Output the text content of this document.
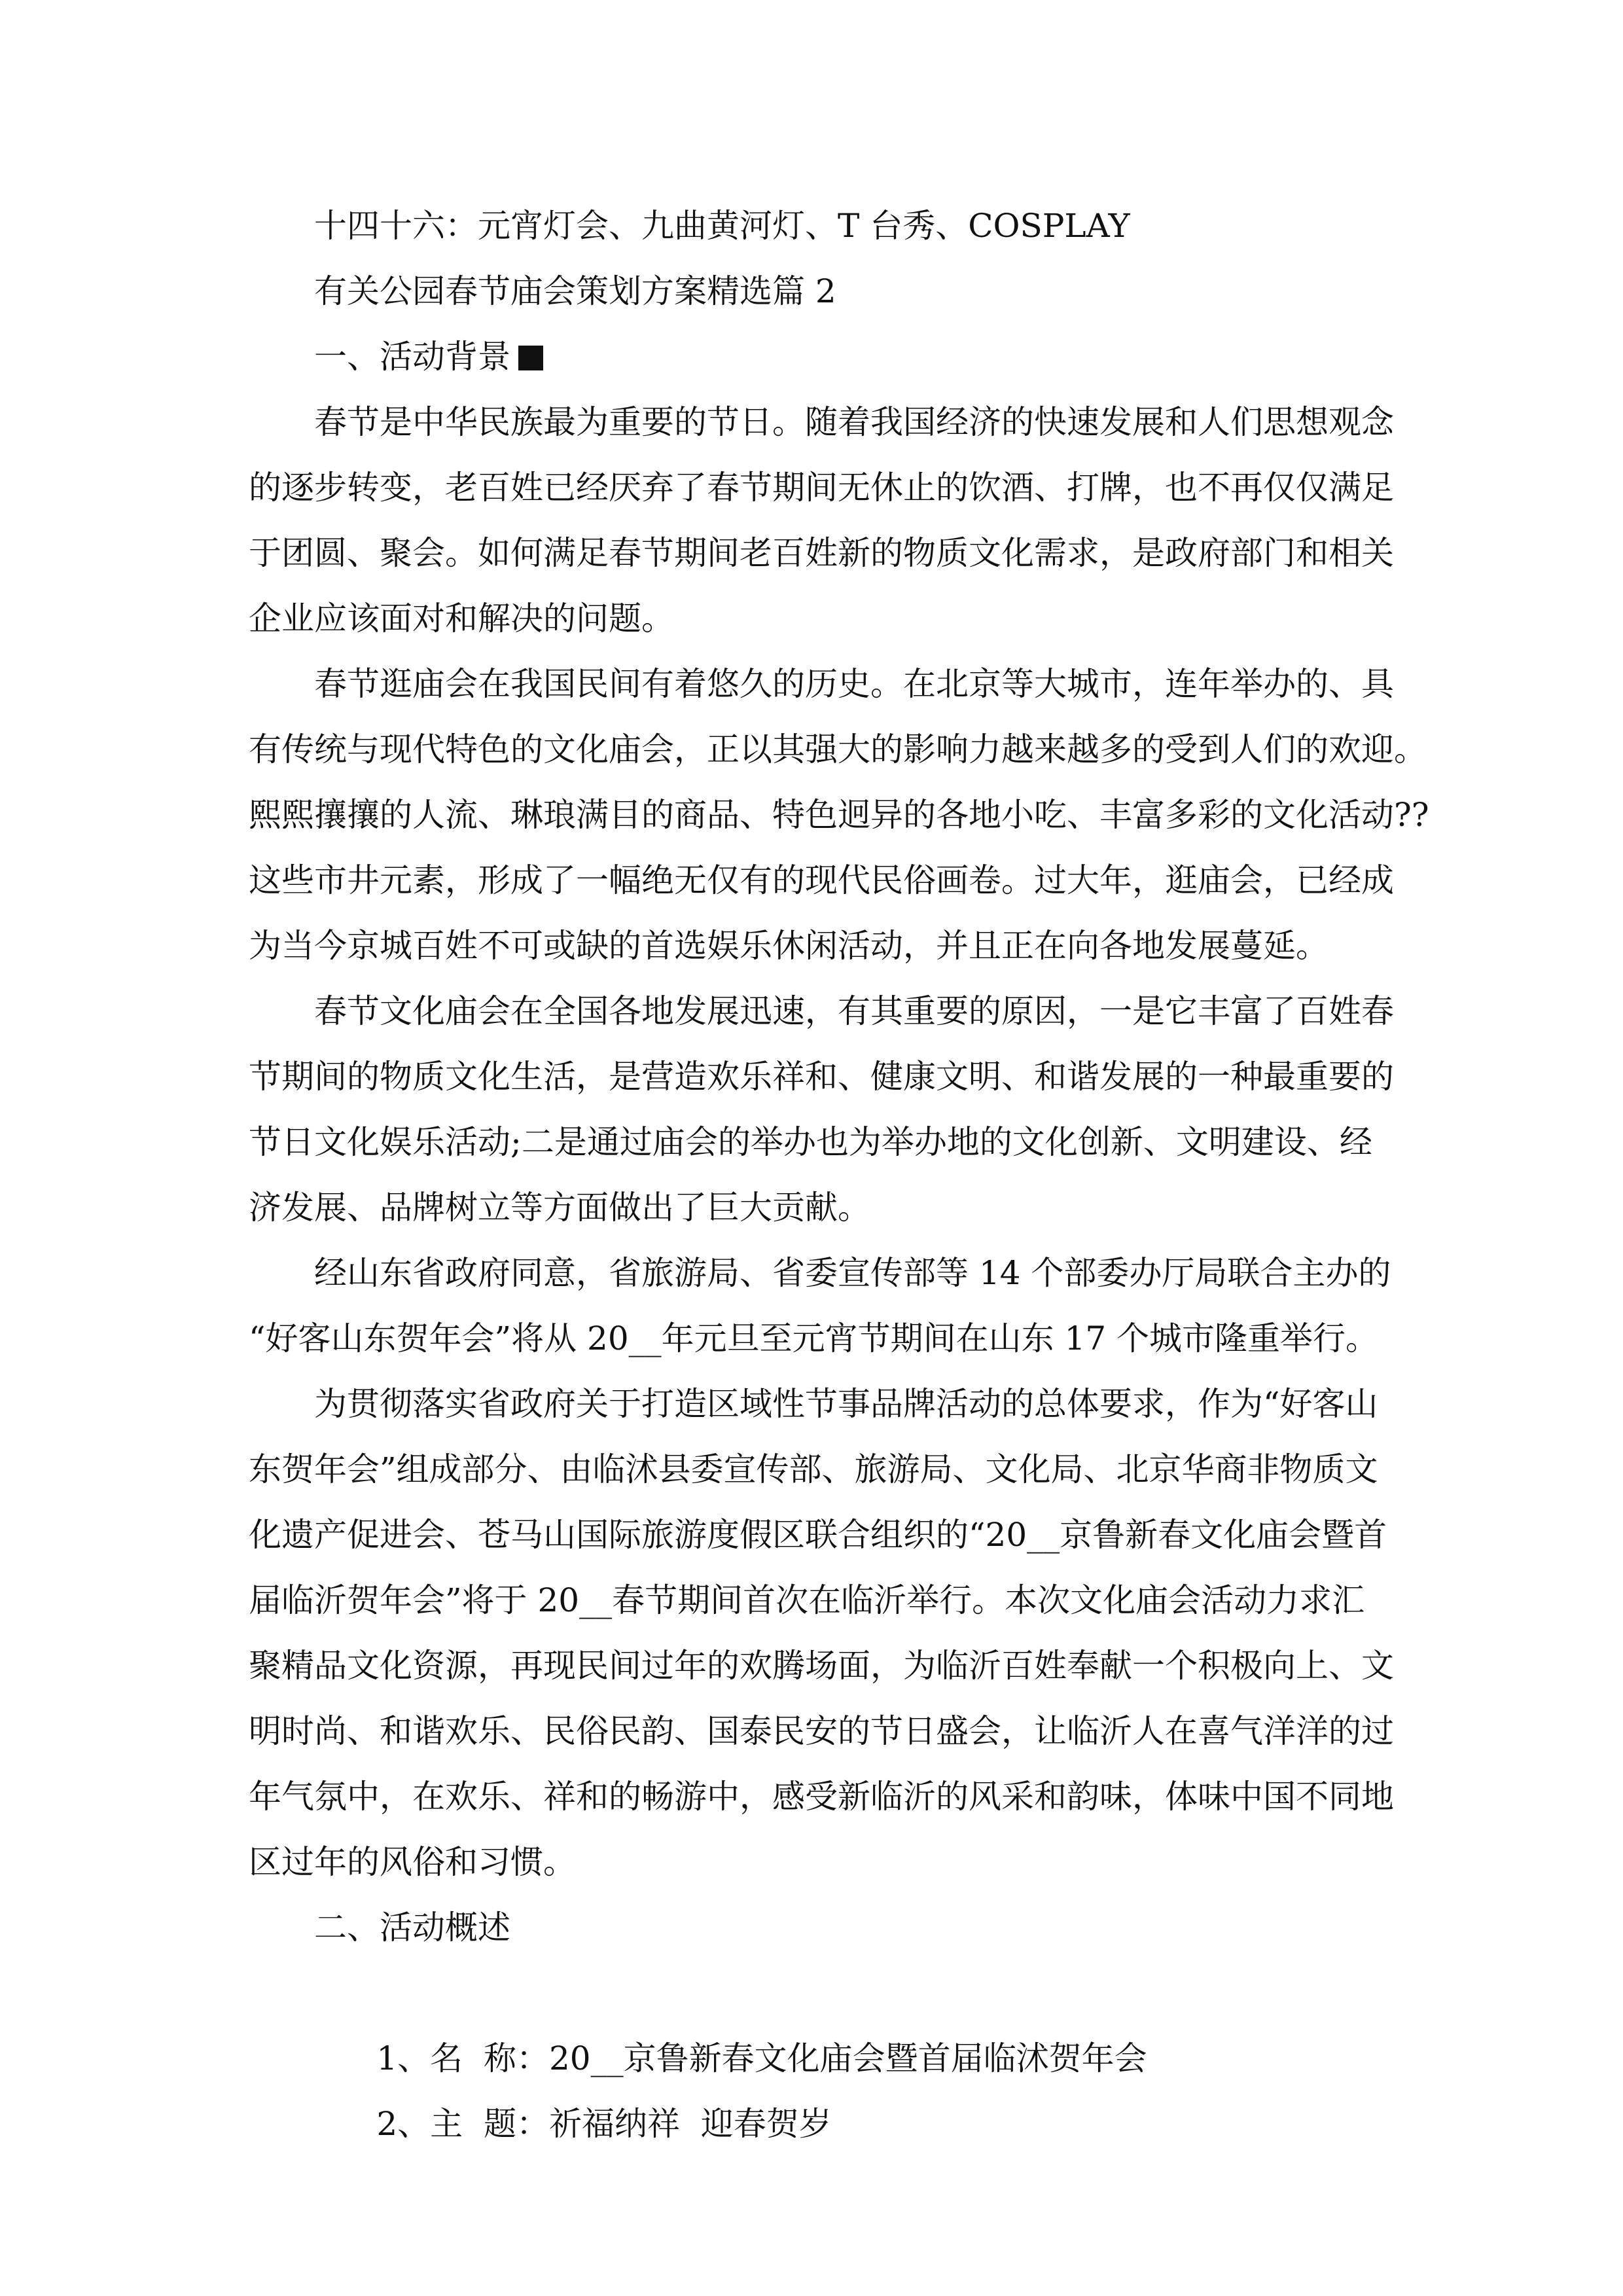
十四十六：元宵灯会、九曲黄河灯、T 台秀、COSPLAY
有关公园春节庙会策划方案精选篇 2
一、活动背景
春节是中华民族最为重要的节日。随着我国经济的快速发展和人们思想观念
的逐步转变，老百姓已经厌弃了春节期间无休止的饮酒、打牌，也不再仅仅满足
于团圆、聚会。如何满足春节期间老百姓新的物质文化需求，是政府部门和相关
企业应该面对和解决的问题。
春节逛庙会在我国民间有着悠久的历史。在北京等大城市，连年举办的、具
有传统与现代特色的文化庙会，正以其强大的影响力越来越多的受到人们的欢迎。
熙熙攘攘的人流、琳琅满目的商品、特色迥异的各地小吃、丰富多彩的文化活动??
这些市井元素，形成了一幅绝无仅有的现代民俗画卷。过大年，逛庙会，已经成
为当今京城百姓不可或缺的首选娱乐休闲活动，并且正在向各地发展蔓延。
春节文化庙会在全国各地发展迅速，有其重要的原因，一是它丰富了百姓春
节期间的物质文化生活，是营造欢乐祥和、健康文明、和谐发展的一种最重要的
节日文化娱乐活动;二是通过庙会的举办也为举办地的文化创新、文明建设、经
济发展、品牌树立等方面做出了巨大贡献。
经山东省政府同意，省旅游局、省委宣传部等 14 个部委办厅局联合主办的
“好客山东贺年会”将从 20__年元旦至元宵节期间在山东 17 个城市隆重举行。
为贯彻落实省政府关于打造区域性节事品牌活动的总体要求，作为“好客山
东贺年会”组成部分、由临沭县委宣传部、旅游局、文化局、北京华商非物质文
化遗产促进会、苍马山国际旅游度假区联合组织的“20__京鲁新春文化庙会暨首
届临沂贺年会”将于 20__春节期间首次在临沂举行。本次文化庙会活动力求汇
聚精品文化资源，再现民间过年的欢腾场面，为临沂百姓奉献一个积极向上、文
明时尚、和谐欢乐、民俗民韵、国泰民安的节日盛会，让临沂人在喜气洋洋的过
年气氛中，在欢乐、祥和的畅游中，感受新临沂的风采和韵味，体味中国不同地
区过年的风俗和习惯。
二、活动概述

1、名  称：20__京鲁新春文化庙会暨首届临沭贺年会

2、主  题：祈福纳祥  迎春贺岁
